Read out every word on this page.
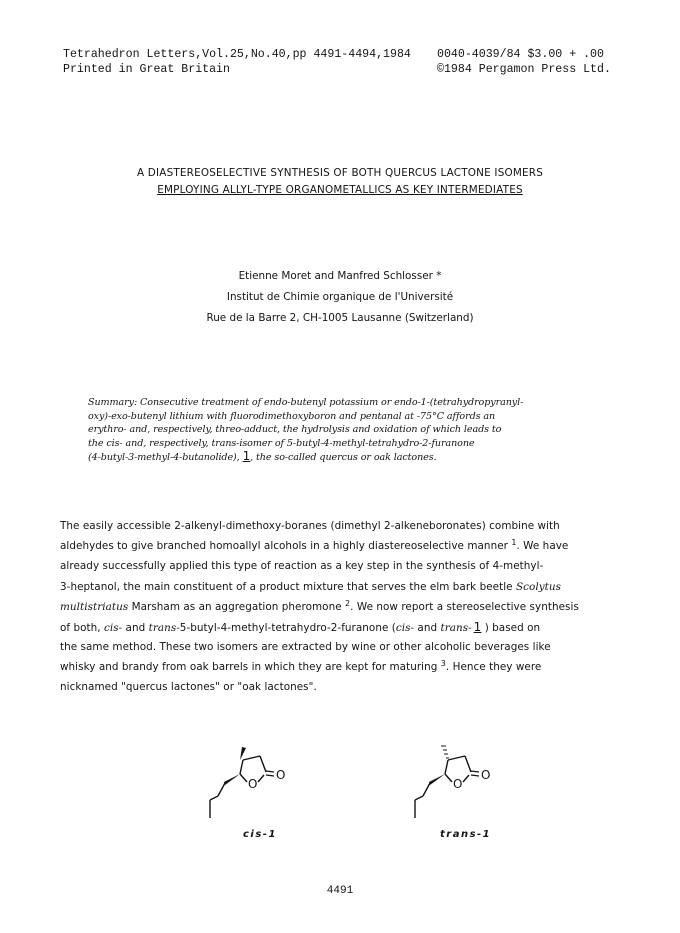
Tetrahedron Letters,Vol.25,No.40,pp 4491-4494,1984
Printed in Great Britain
0040-4039/84 $3.00 + .00
©1984 Pergamon Press Ltd.
A DIASTEREOSELECTIVE SYNTHESIS OF BOTH QUERCUS LACTONE ISOMERS
EMPLOYING ALLYL-TYPE ORGANOMETALLICS AS KEY INTERMEDIATES
Etienne Moret and Manfred Schlosser *
Institut de Chimie organique de l'Université
Rue de la Barre 2, CH-1005 Lausanne (Switzerland)
Summary: Consecutive treatment of endo-butenyl potassium or endo-1-(tetrahydropyranyl-
oxy)-exo-butenyl lithium with fluorodimethoxyboron and pentanal at -75°C affords an
erythro- and, respectively, threo-adduct, the hydrolysis and oxidation of which leads to
the cis- and, respectively, trans-isomer of 5-butyl-4-methyl-tetrahydro-2-furanone
(4-butyl-3-methyl-4-butanolide), 1, the so-called quercus or oak lactones.
The easily accessible 2-alkenyl-dimethoxy-boranes (dimethyl 2-alkeneboronates) combine with
aldehydes to give branched homoallyl alcohols in a highly diastereoselective manner $^1$. We have
already successfully applied this type of reaction as a key step in the synthesis of 4-methyl-
3-heptanol, the main constituent of a product mixture that serves the elm bark beetle Scolytus
multistriatus Marsham as an aggregation pheromone $^2$. We now report a stereoselective synthesis
of both, cis- and trans-5-butyl-4-methyl-tetrahydro-2-furanone (cis- and trans- 1 ) based on
the same method. These two isomers are extracted by wine or other alcoholic beverages like
whisky and brandy from oak barrels in which they are kept for maturing $^3$. Hence they were
nicknamed "quercus lactones" or "oak lactones".
O
O
cis-1
O
O
trans-1
4491
